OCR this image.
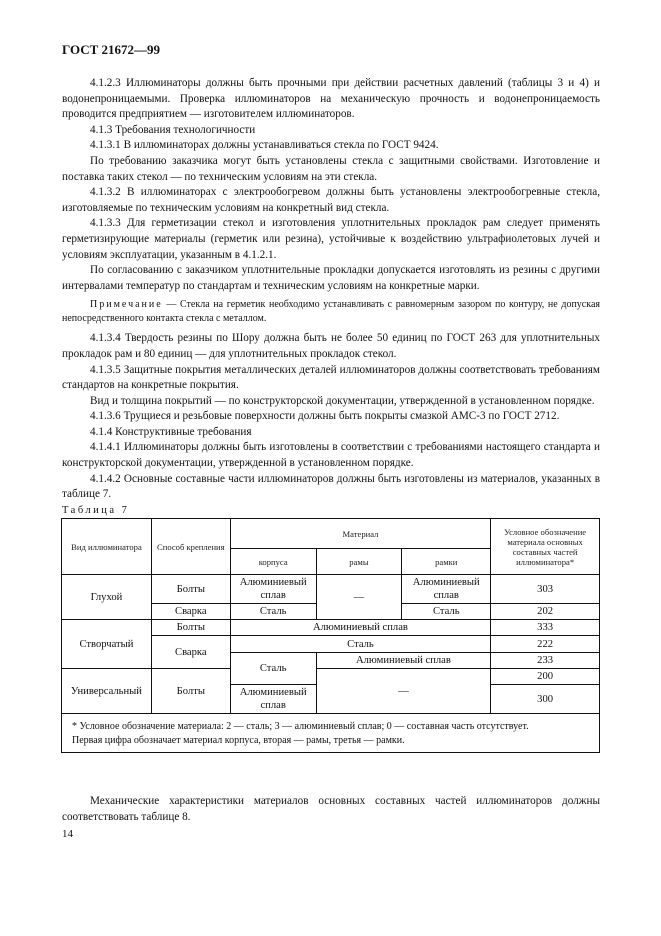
ГОСТ 21672—99

4.1.2.3 Иллюминаторы должны быть прочными при действии расчетных давлений (таблицы 3 и 4) и водонепроницаемыми. Проверка иллюминаторов на механическую прочность и водонепроницаемость проводится предприятием — изготовителем иллюминаторов.

4.1.3 Требования технологичности

4.1.3.1 В иллюминаторах должны устанавливаться стекла по ГОСТ 9424.

По требованию заказчика могут быть установлены стекла с защитными свойствами. Изготовление и поставка таких стекол — по техническим условиям на эти стекла.

4.1.3.2 В иллюминаторах с электрообогревом должны быть установлены электрообогревные стекла, изготовляемые по техническим условиям на конкретный вид стекла.

4.1.3.3 Для герметизации стекол и изготовления уплотнительных прокладок рам следует применять герметизирующие материалы (герметик или резина), устойчивые к воздействию ультрафиолетовых лучей и условиям эксплуатации, указанным в 4.1.2.1.

По согласованию с заказчиком уплотнительные прокладки допускается изготовлять из резины с другими интервалами температур по стандартам и техническим условиям на конкретные марки.

Примечание — Стекла на герметик необходимо устанавливать с равномерным зазором по контуру, не допуская непосредственного контакта стекла с металлом.

4.1.3.4 Твердость резины по Шору должна быть не более 50 единиц по ГОСТ 263 для уплотнительных прокладок рам и 80 единиц — для уплотнительных прокладок стекол.

4.1.3.5 Защитные покрытия металлических деталей иллюминаторов должны соответствовать требованиям стандартов на конкретные покрытия.

Вид и толщина покрытий — по конструкторской документации, утвержденной в установленном порядке.

4.1.3.6 Трущиеся и резьбовые поверхности должны быть покрыты смазкой АМС-3 по ГОСТ 2712.

4.1.4 Конструктивные требования

4.1.4.1 Иллюминаторы должны быть изготовлены в соответствии с требованиями настоящего стандарта и конструкторской документации, утвержденной в установленном порядке.

4.1.4.2 Основные составные части иллюминаторов должны быть изготовлены из материалов, указанных в таблице 7.

Таблица 7
Вид иллюминатора	Способ крепления	Материал			Условное обозначение материала основных составных частей иллюминатора*
		корпуса	рамы	рамки	
Глухой	Болты	Алюминиевый сплав	—	Алюминиевый сплав	303
	Сварка	Сталь		Сталь	202
Створчатый	Болты	Алюминиевый сплав			333
	Сварка	Сталь			222
		Сталь	Алюминиевый сплав		233
Универсальный	Болты		—		200
		Алюминиевый сплав			300

* Условное обозначение материала: 2 — сталь; 3 — алюминиевый сплав; 0 — составная часть отсутствует.
Первая цифра обозначает материал корпуса, вторая — рамы, третья — рамки.					

Механические характеристики материалов основных составных частей иллюминаторов должны соответствовать таблице 8.

14
